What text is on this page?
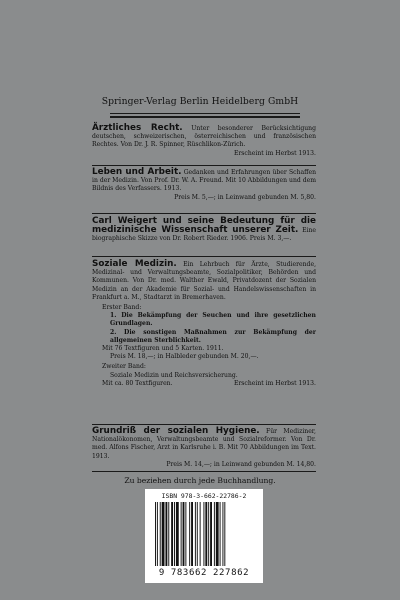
Springer-Verlag Berlin Heidelberg GmbH
Ärztliches Recht. Unter besonderer Berücksichtigung deutschen, schweizerischen, österreichischen und französischen Rechtes. Von Dr. J. R. Spinner, Rüschlikon-Zürich.
Erscheint im Herbst 1913.
Leben und Arbeit. Gedanken und Erfahrungen über Schaffen in der Medizin. Von Prof. Dr. W. A. Freund. Mit 10 Abbildungen und dem Bildnis des Verfassers. 1913.
Preis M. 5,—; in Leinwand gebunden M. 5,80.
Carl Weigert und seine Bedeutung für die medizinische Wissenschaft unserer Zeit. Eine biographische Skizze von Dr. Robert Rieder. 1906. Preis M. 3,—.
Soziale Medizin. Ein Lehrbuch für Ärzte, Studierende, Medizinal- und Verwaltungsbeamte, Sozialpolitiker, Behörden und Kommunen. Von Dr. med. Walther Ewald, Privatdozent der Sozialen Medizin an der Akademie für Sozial- und Handelswissenschaften in Frankfurt a. M., Stadtarzt in Bremerhaven.
Erster Band:
1. Die Bekämpfung der Seuchen und ihre gesetzlichen Grundlagen.
2. Die sonstigen Maßnahmen zur Bekämpfung der allgemeinen Sterblichkeit.
Mit 76 Textfiguren und 5 Karten. 1911.
Preis M. 18,—; in Halbleder gebunden M. 20,—.
Zweiter Band:
Soziale Medizin und Reichsversicherung.
Mit ca. 80 Textfiguren.	Erscheint im Herbst 1913.
Grundriß der sozialen Hygiene. Für Mediziner, Nationalökonomen, Verwaltungsbeamte und Sozialreformer. Von Dr. med. Alfons Fischer, Arzt in Karlsruhe i. B. Mit 70 Abbildungen im Text. 1913.
Preis M. 14,—; in Leinwand gebunden M. 14,80.
Zu beziehen durch jede Buchhandlung.
ISBN 978-3-662-22786-2
9 783662 227862
